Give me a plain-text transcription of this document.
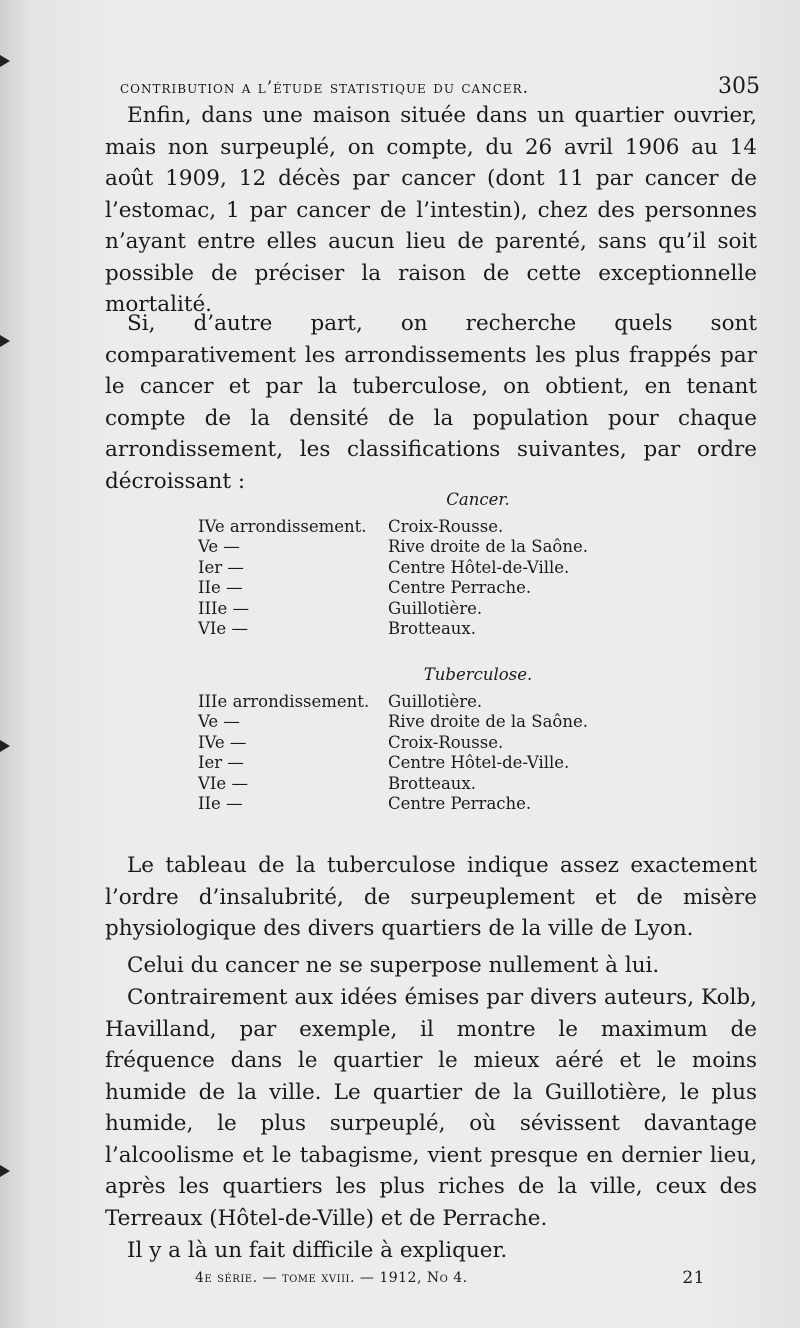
contribution a l’étude statistique du cancer.	305

Enfin, dans une maison située dans un quartier ouvrier, mais non surpeuplé, on compte, du 26 avril 1906 au 14 août 1909, 12 décès par cancer (dont 11 par cancer de l’estomac, 1 par cancer de l’intestin), chez des personnes n’ayant entre elles aucun lieu de parenté, sans qu’il soit possible de préciser la raison de cette exceptionnelle mortalité.

Si, d’autre part, on recherche quels sont comparativement les arrondissements les plus frappés par le cancer et par la tuberculose, on obtient, en tenant compte de la densité de la population pour chaque arrondissement, les classifications suivantes, par ordre décroissant :

Cancer.
IVe arrondissement.	Croix-Rousse.
Ve —	Rive droite de la Saône.
Ier —	Centre Hôtel-de-Ville.
IIe —	Centre Perrache.
IIIe —	Guillotière.
VIe —	Brotteaux.
Tuberculose.
IIIe arrondissement.	Guillotière.
Ve —	Rive droite de la Saône.
IVe —	Croix-Rousse.
Ier —	Centre Hôtel-de-Ville.
VIe —	Brotteaux.
IIe —	Centre Perrache.

Le tableau de la tuberculose indique assez exactement l’ordre d’insalubrité, de surpeuplement et de misère physiologique des divers quartiers de la ville de Lyon.

Celui du cancer ne se superpose nullement à lui.

Contrairement aux idées émises par divers auteurs, Kolb, Havilland, par exemple, il montre le maximum de fréquence dans le quartier le mieux aéré et le moins humide de la ville. Le quartier de la Guillotière, le plus humide, le plus surpeuplé, où sévissent davantage l’alcoolisme et le tabagisme, vient presque en dernier lieu, après les quartiers les plus riches de la ville, ceux des Terreaux (Hôtel-de-Ville) et de Perrache.

Il y a là un fait difficile à expliquer.

4e série. — tome xviii. — 1912, No 4.	21
